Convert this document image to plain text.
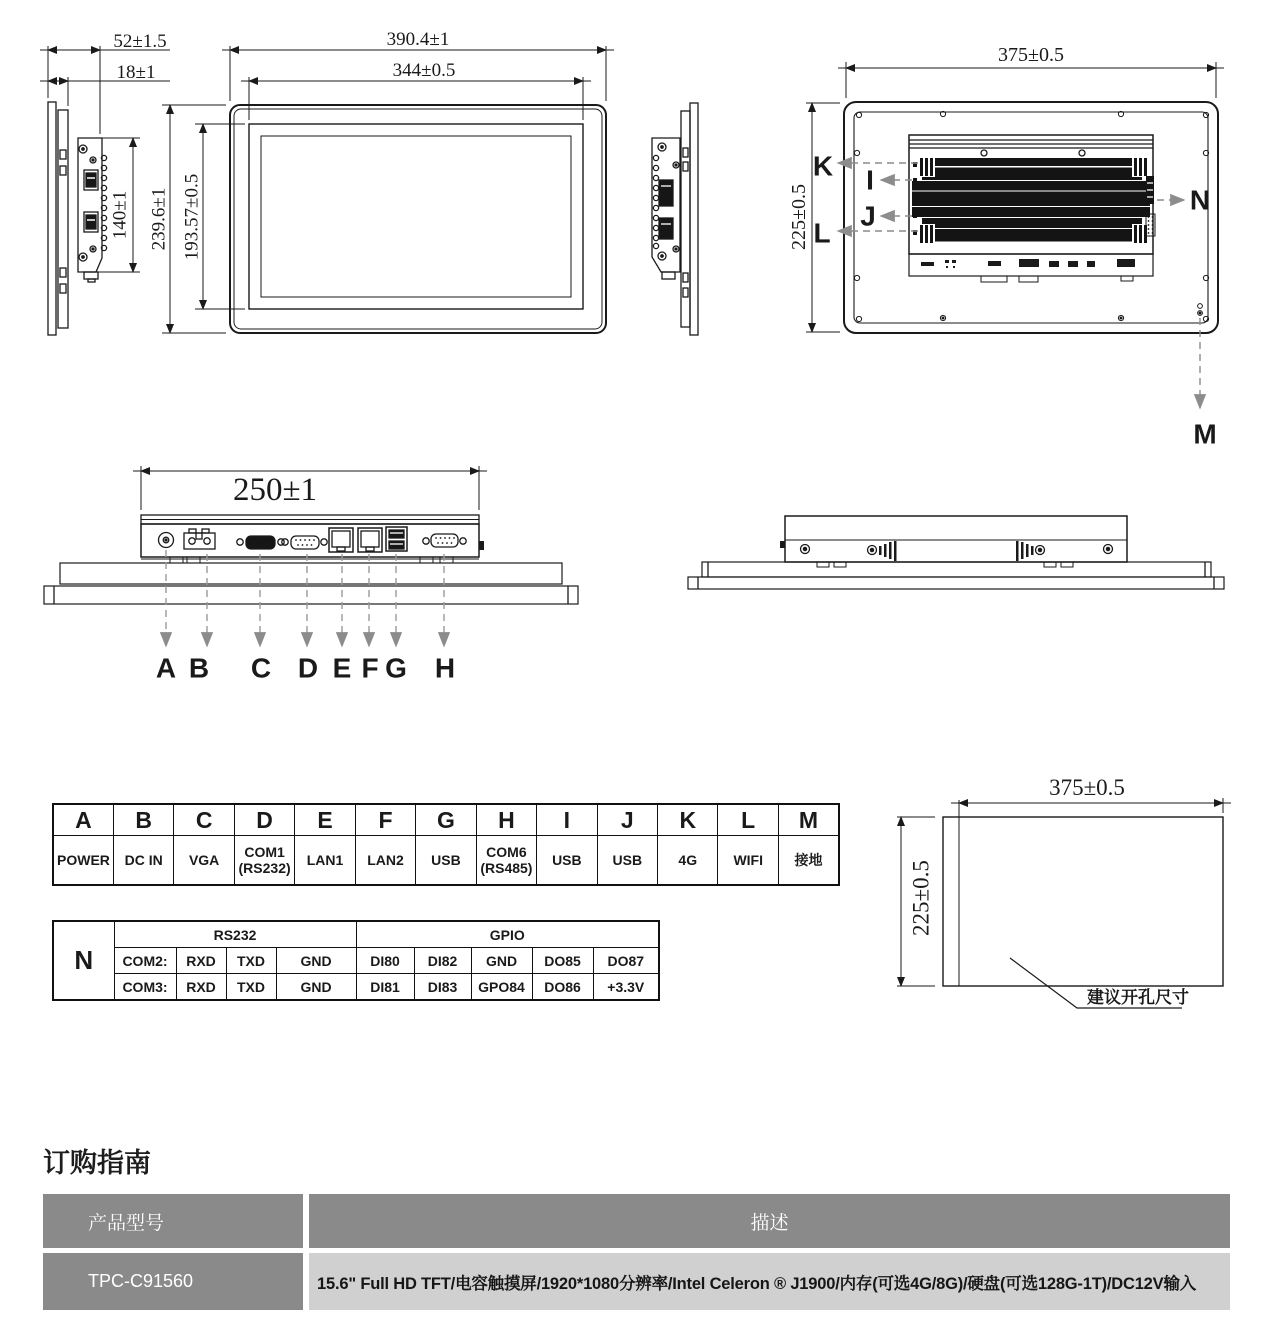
52±1.5
18±1
140±1
390.4±1
344±0.5
239.6±1 193.57±0.5
K I
J
L
N
M
375±0.5
225±0.5
250±1
A B C D E F G H
375±0.5
225±0.5
建议开孔尺寸
A	B	C	D	E	F	G	H	I	J	K	L	M
POWER	DC IN	VGA	COM1 (RS232)	LAN1	LAN2	USB	COM6 (RS485)	USB	USB	4G	WIFI	接地
N	RS232				GPIO				
	COM2:	RXD	TXD	GND	DI80	DI82	GND	DO85	DO87
	COM3:	RXD	TXD	GND	DI81	DI83	GPO84	DO86	+3.3V
订购指南
产品型号	描述
TPC-C91560	15.6" Full HD TFT/电容触摸屏/1920*1080分辨率/Intel Celeron ® J1900/内存(可选4G/8G)/硬盘(可选128G-1T)/DC12V输入
